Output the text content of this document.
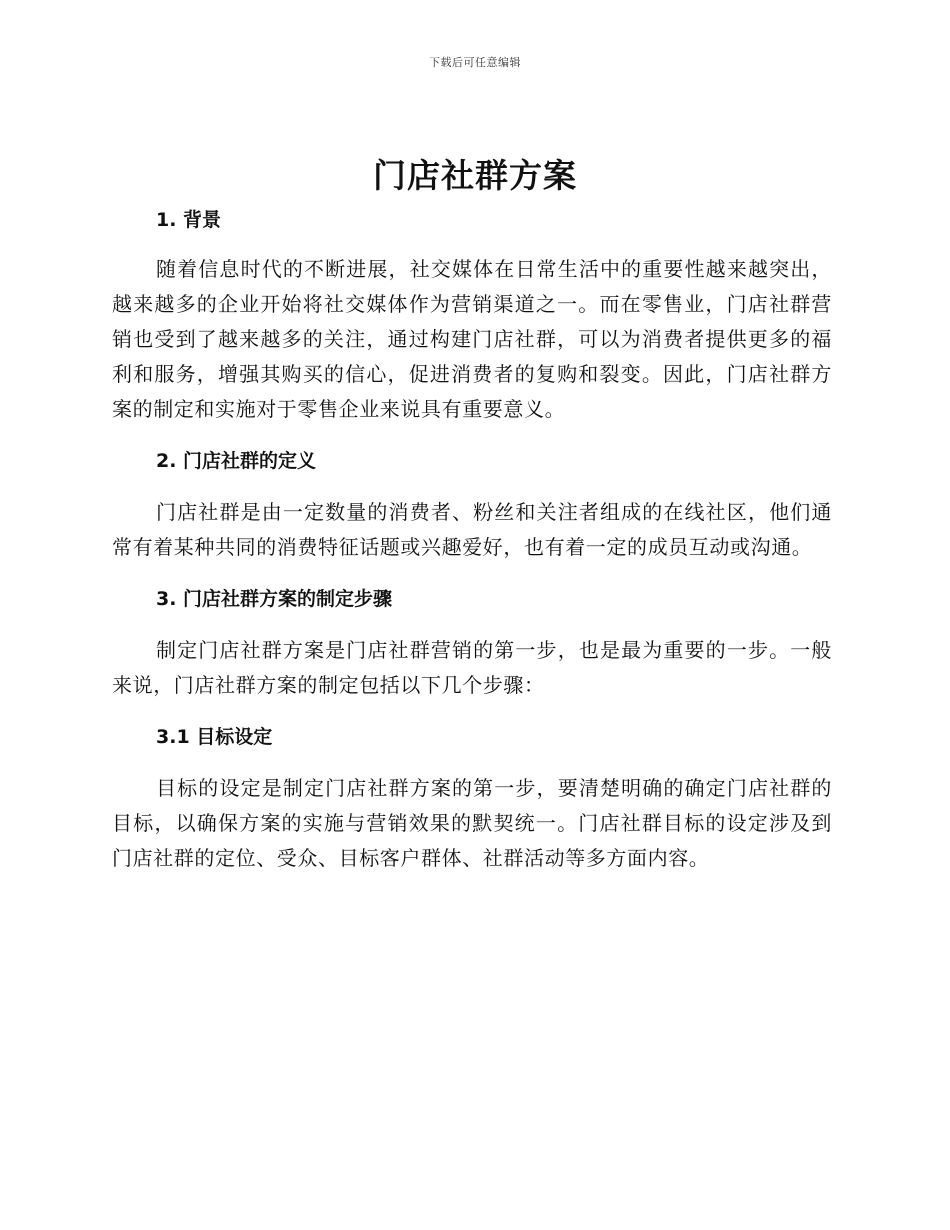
下载后可任意编辑
门店社群方案
1. 背景

随着信息时代的不断进展，社交媒体在日常生活中的重要性越来越突出，越来越多的企业开始将社交媒体作为营销渠道之一。而在零售业，门店社群营销也受到了越来越多的关注，通过构建门店社群，可以为消费者提供更多的福利和服务，增强其购买的信心，促进消费者的复购和裂变。因此，门店社群方案的制定和实施对于零售企业来说具有重要意义。

2. 门店社群的定义

门店社群是由一定数量的消费者、粉丝和关注者组成的在线社区，他们通常有着某种共同的消费特征话题或兴趣爱好，也有着一定的成员互动或沟通。

3. 门店社群方案的制定步骤

制定门店社群方案是门店社群营销的第一步，也是最为重要的一步。一般来说，门店社群方案的制定包括以下几个步骤：

3.1 目标设定

目标的设定是制定门店社群方案的第一步，要清楚明确的确定门店社群的目标，以确保方案的实施与营销效果的默契统一。门店社群目标的设定涉及到门店社群的定位、受众、目标客户群体、社群活动等多方面内容。
